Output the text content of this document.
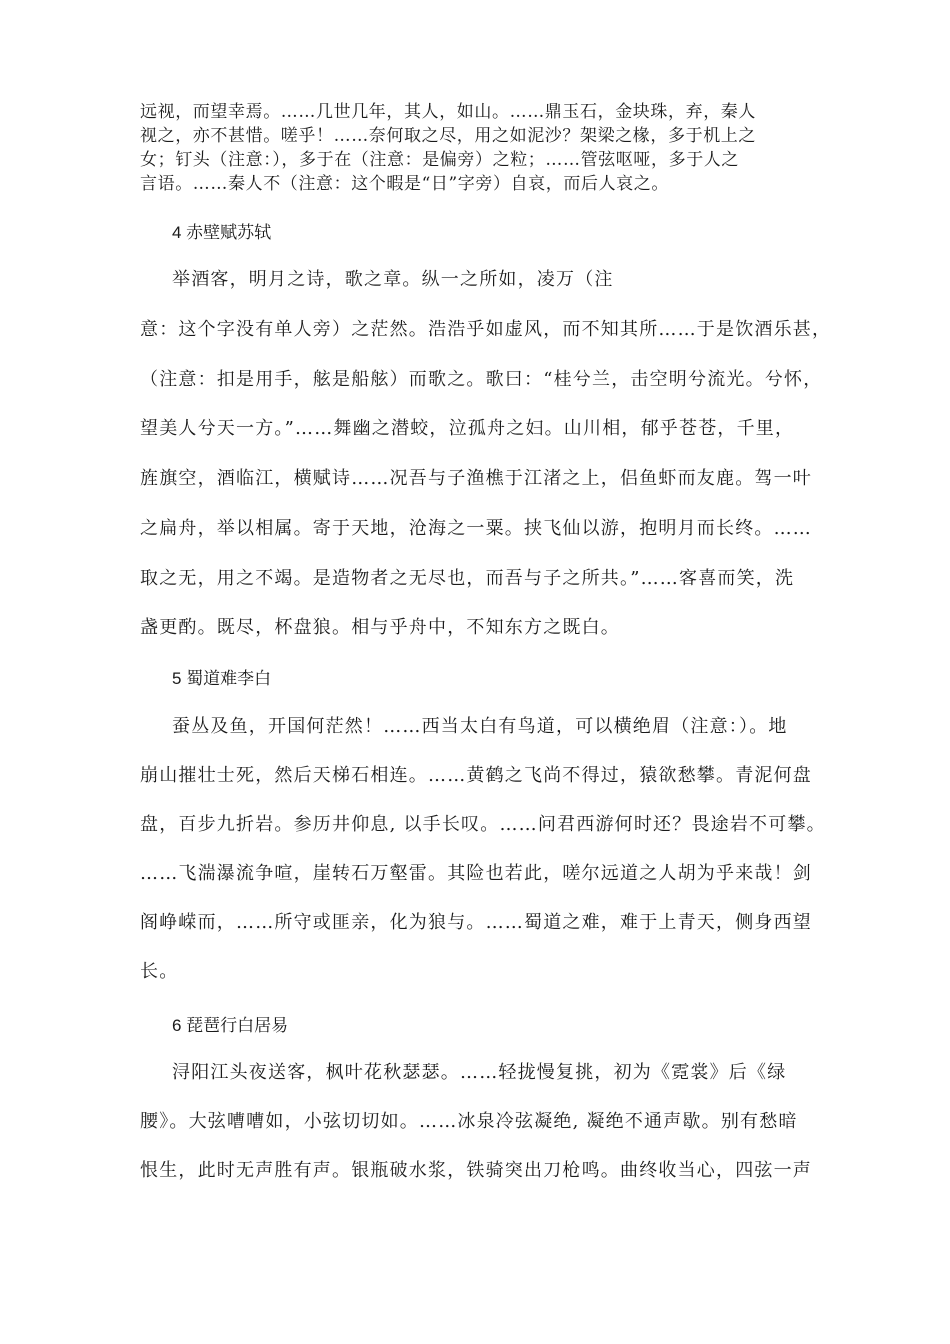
远视，而望幸焉。……几世几年，其人，如山。……鼎玉石，金块珠，弃，秦人
视之，亦不甚惜。嗟乎！……奈何取之尽，用之如泥沙？架梁之椽，多于机上之
女；钉头（注意：），多于在（注意：是偏旁）之粒；……管弦呕哑，多于人之
言语。……秦人不（注意：这个暇是“日”字旁）自哀，而后人哀之。
4 赤壁赋苏轼
举酒客，明月之诗，歌之章。纵一之所如，凌万（注
意：这个字没有单人旁）之茫然。浩浩乎如虚风，而不知其所……于是饮酒乐甚，
（注意：扣是用手，舷是船舷）而歌之。歌曰：“桂兮兰，击空明兮流光。兮怀，
望美人兮天一方。”……舞幽之潜蛟，泣孤舟之妇。山川相，郁乎苍苍，千里，
旌旗空，酒临江，横赋诗……况吾与子渔樵于江渚之上，侣鱼虾而友鹿。驾一叶
之扁舟，举以相属。寄于天地，沧海之一粟。挟飞仙以游，抱明月而长终。……
取之无，用之不竭。是造物者之无尽也，而吾与子之所共。”……客喜而笑，洗
盏更酌。既尽，杯盘狼。相与乎舟中，不知东方之既白。
5 蜀道难李白
蚕丛及鱼，开国何茫然！……西当太白有鸟道，可以横绝眉（注意：）。地
崩山摧壮士死，然后天梯石相连。……黄鹤之飞尚不得过，猿欲愁攀。青泥何盘
盘，百步九折岩。参历井仰息, 以手长叹。……问君西游何时还？畏途岩不可攀。
……飞湍瀑流争喧，崖转石万壑雷。其险也若此，嗟尔远道之人胡为乎来哉！剑
阁峥嵘而，……所守或匪亲，化为狼与。……蜀道之难，难于上青天，侧身西望
长。
6 琵琶行白居易
浔阳江头夜送客，枫叶花秋瑟瑟。……轻拢慢复挑，初为《霓裳》后《绿
腰》。大弦嘈嘈如，小弦切切如。……冰泉冷弦凝绝, 凝绝不通声歇。别有愁暗
恨生，此时无声胜有声。银瓶破水浆，铁骑突出刀枪鸣。曲终收当心，四弦一声
